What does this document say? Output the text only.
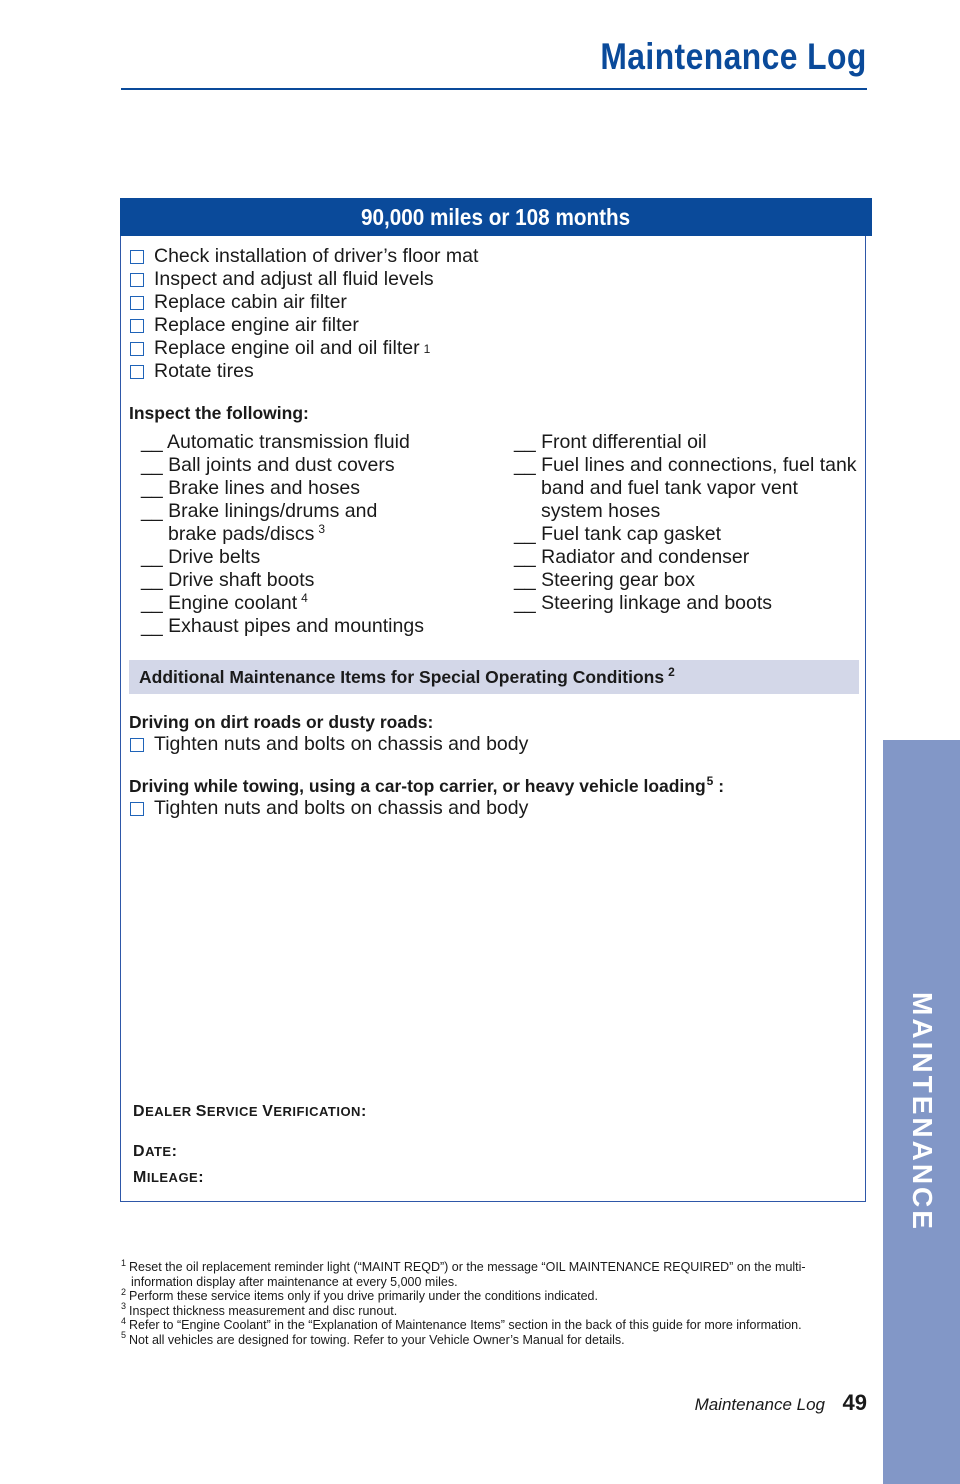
Maintenance Log
90,000 miles or 108 months
Check installation of driver’s floor mat
Inspect and adjust all fluid levels
Replace cabin air filter
Replace engine air filter
Replace engine oil and oil filter 1
Rotate tires
Inspect the following:
__ Automatic transmission fluid
__ Ball joints and dust covers
__ Brake lines and hoses
__ Brake linings/drums and brake pads/discs $^3$
__ Drive belts
__ Drive shaft boots
__ Engine coolant $^4$
__ Exhaust pipes and mountings
__ Front differential oil
__ Fuel lines and connections, fuel tank band and fuel tank vapor vent system hoses
__ Fuel tank cap gasket
__ Radiator and condenser
__ Steering gear box
__ Steering linkage and boots
Additional Maintenance Items for Special Operating Conditions $^2$
Driving on dirt roads or dusty roads:
Tighten nuts and bolts on chassis and body
Driving while towing, using a car-top carrier, or heavy vehicle loading$^5$ :
Tighten nuts and bolts on chassis and body
DEALER SERVICE VERIFICATION:
DATE:
MILEAGE:
$^1$ Reset the oil replacement reminder light (“MAINT REQD”) or the message “OIL MAINTENANCE REQUIRED” on the multi-information display after maintenance at every 5,000 miles.
$^2$ Perform these service items only if you drive primarily under the conditions indicated.
$^3$ Inspect thickness measurement and disc runout.
$^4$ Refer to “Engine Coolant” in the “Explanation of Maintenance Items” section in the back of this guide for more information.
$^5$ Not all vehicles are designed for towing. Refer to your Vehicle Owner’s Manual for details.
Maintenance Log 49
MAINTENANCE
